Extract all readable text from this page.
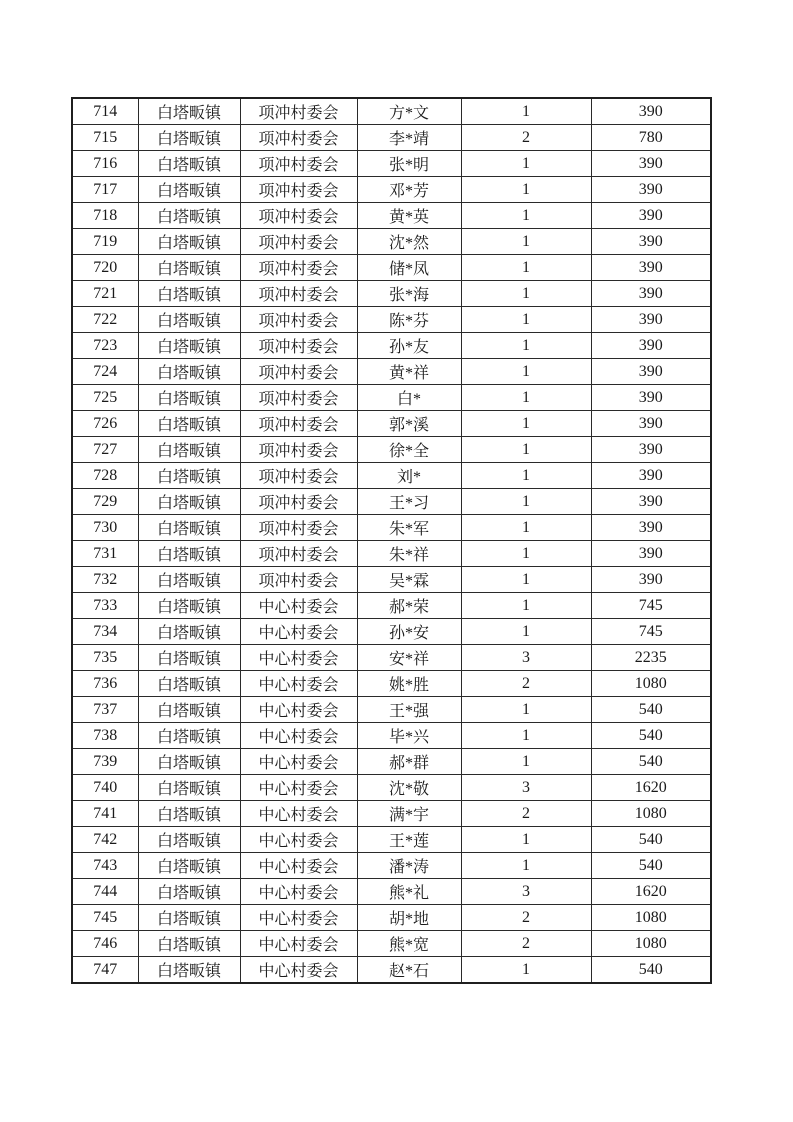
714	白塔畈镇	项冲村委会	方*文	1	390
715	白塔畈镇	项冲村委会	李*靖	2	780
716	白塔畈镇	项冲村委会	张*明	1	390
717	白塔畈镇	项冲村委会	邓*芳	1	390
718	白塔畈镇	项冲村委会	黄*英	1	390
719	白塔畈镇	项冲村委会	沈*然	1	390
720	白塔畈镇	项冲村委会	储*凤	1	390
721	白塔畈镇	项冲村委会	张*海	1	390
722	白塔畈镇	项冲村委会	陈*芬	1	390
723	白塔畈镇	项冲村委会	孙*友	1	390
724	白塔畈镇	项冲村委会	黄*祥	1	390
725	白塔畈镇	项冲村委会	白*	1	390
726	白塔畈镇	项冲村委会	郭*溪	1	390
727	白塔畈镇	项冲村委会	徐*全	1	390
728	白塔畈镇	项冲村委会	刘*	1	390
729	白塔畈镇	项冲村委会	王*习	1	390
730	白塔畈镇	项冲村委会	朱*军	1	390
731	白塔畈镇	项冲村委会	朱*祥	1	390
732	白塔畈镇	项冲村委会	吴*霖	1	390
733	白塔畈镇	中心村委会	郝*荣	1	745
734	白塔畈镇	中心村委会	孙*安	1	745
735	白塔畈镇	中心村委会	安*祥	3	2235
736	白塔畈镇	中心村委会	姚*胜	2	1080
737	白塔畈镇	中心村委会	王*强	1	540
738	白塔畈镇	中心村委会	毕*兴	1	540
739	白塔畈镇	中心村委会	郝*群	1	540
740	白塔畈镇	中心村委会	沈*敬	3	1620
741	白塔畈镇	中心村委会	满*宇	2	1080
742	白塔畈镇	中心村委会	王*莲	1	540
743	白塔畈镇	中心村委会	潘*涛	1	540
744	白塔畈镇	中心村委会	熊*礼	3	1620
745	白塔畈镇	中心村委会	胡*地	2	1080
746	白塔畈镇	中心村委会	熊*宽	2	1080
747	白塔畈镇	中心村委会	赵*石	1	540
